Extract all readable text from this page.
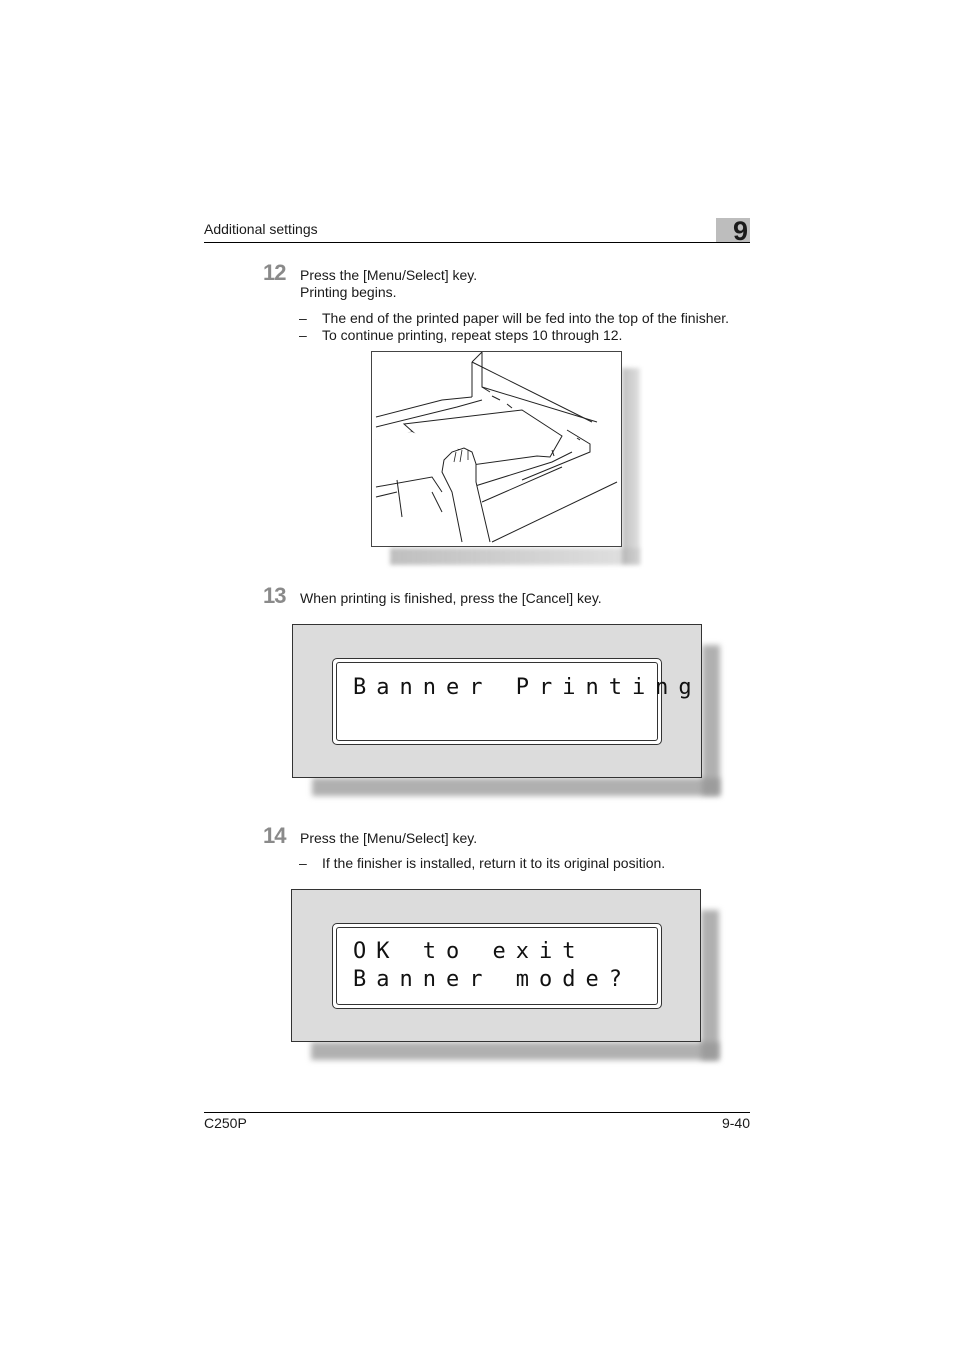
Additional settings	9
12 Press the [Menu/Select] key.
Printing begins.
– The end of the printed paper will be fed into the top of the finisher.
– To continue printing, repeat steps 10 through 12.
13 When printing is finished, press the [Cancel] key.
Banner Printing
14 Press the [Menu/Select] key.
– If the finisher is installed, return it to its original position.
OK to exit
Banner mode?
C250P	9-40
